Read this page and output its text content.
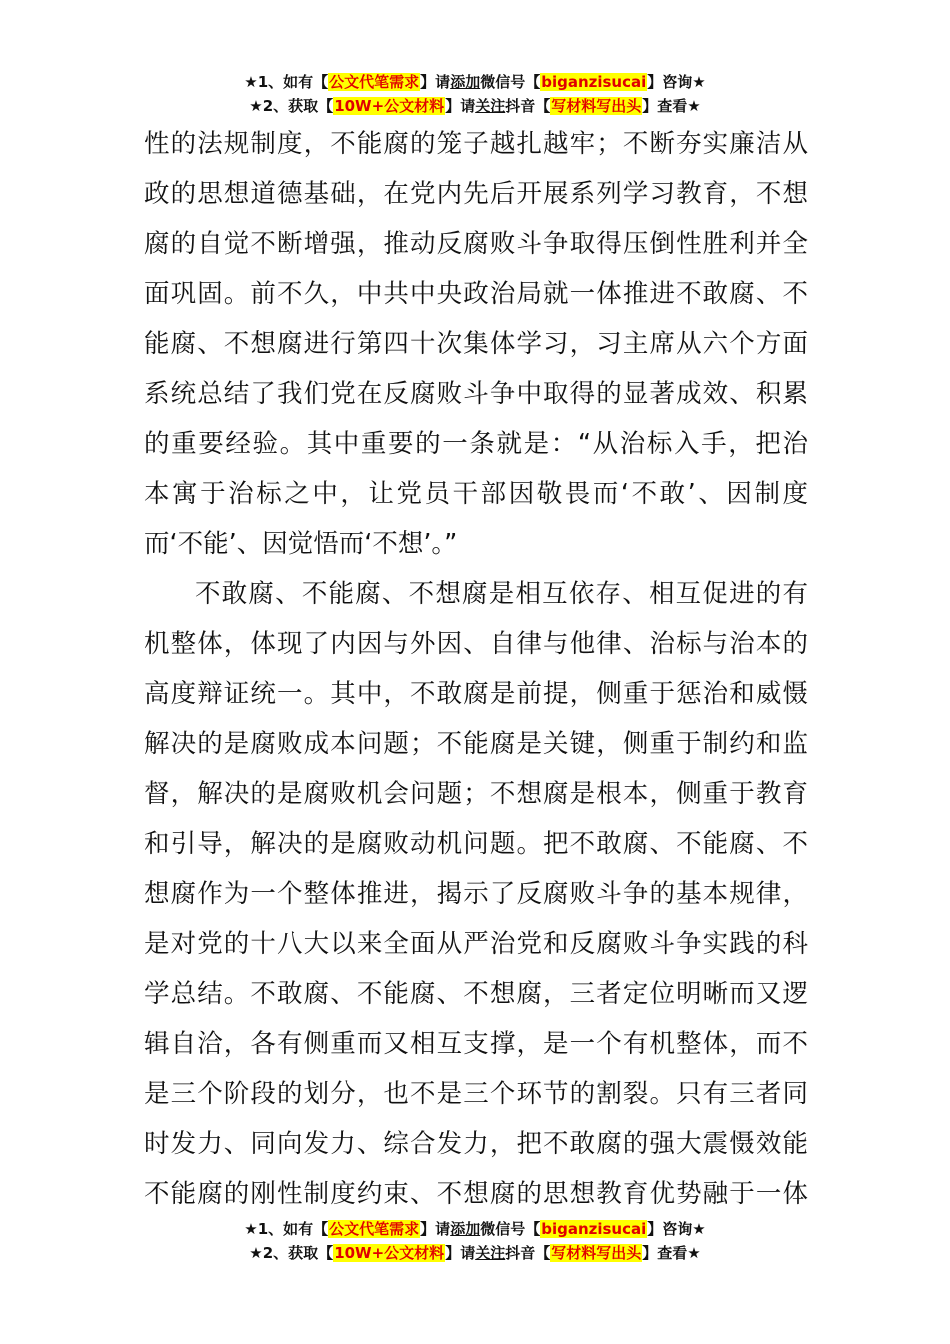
★1、如有【公文代笔需求】请添加微信号【biganzisucai】咨询★
★2、获取【10W+公文材料】请关注抖音【写材料写出头】查看★
性的法规制度，不能腐的笼子越扎越牢；不断夯实廉洁从
政的思想道德基础，在党内先后开展系列学习教育，不想
腐的自觉不断增强，推动反腐败斗争取得压倒性胜利并全
面巩固。前不久，中共中央政治局就一体推进不敢腐、不
能腐、不想腐进行第四十次集体学习，习主席从六个方面
系统总结了我们党在反腐败斗争中取得的显著成效、积累
的重要经验。其中重要的一条就是：“从治标入手，把治
本寓于治标之中，让党员干部因敬畏而‘不敢’、因制度
而‘不能’、因觉悟而‘不想’。”
不敢腐、不能腐、不想腐是相互依存、相互促进的有
机整体，体现了内因与外因、自律与他律、治标与治本的
高度辩证统一。其中，不敢腐是前提，侧重于惩治和威慑
解决的是腐败成本问题；不能腐是关键，侧重于制约和监
督，解决的是腐败机会问题；不想腐是根本，侧重于教育
和引导，解决的是腐败动机问题。把不敢腐、不能腐、不
想腐作为一个整体推进，揭示了反腐败斗争的基本规律，
是对党的十八大以来全面从严治党和反腐败斗争实践的科
学总结。不敢腐、不能腐、不想腐，三者定位明晰而又逻
辑自洽，各有侧重而又相互支撑，是一个有机整体，而不
是三个阶段的划分，也不是三个环节的割裂。只有三者同
时发力、同向发力、综合发力，把不敢腐的强大震慑效能
不能腐的刚性制度约束、不想腐的思想教育优势融于一体
★1、如有【公文代笔需求】请添加微信号【biganzisucai】咨询★
★2、获取【10W+公文材料】请关注抖音【写材料写出头】查看★
